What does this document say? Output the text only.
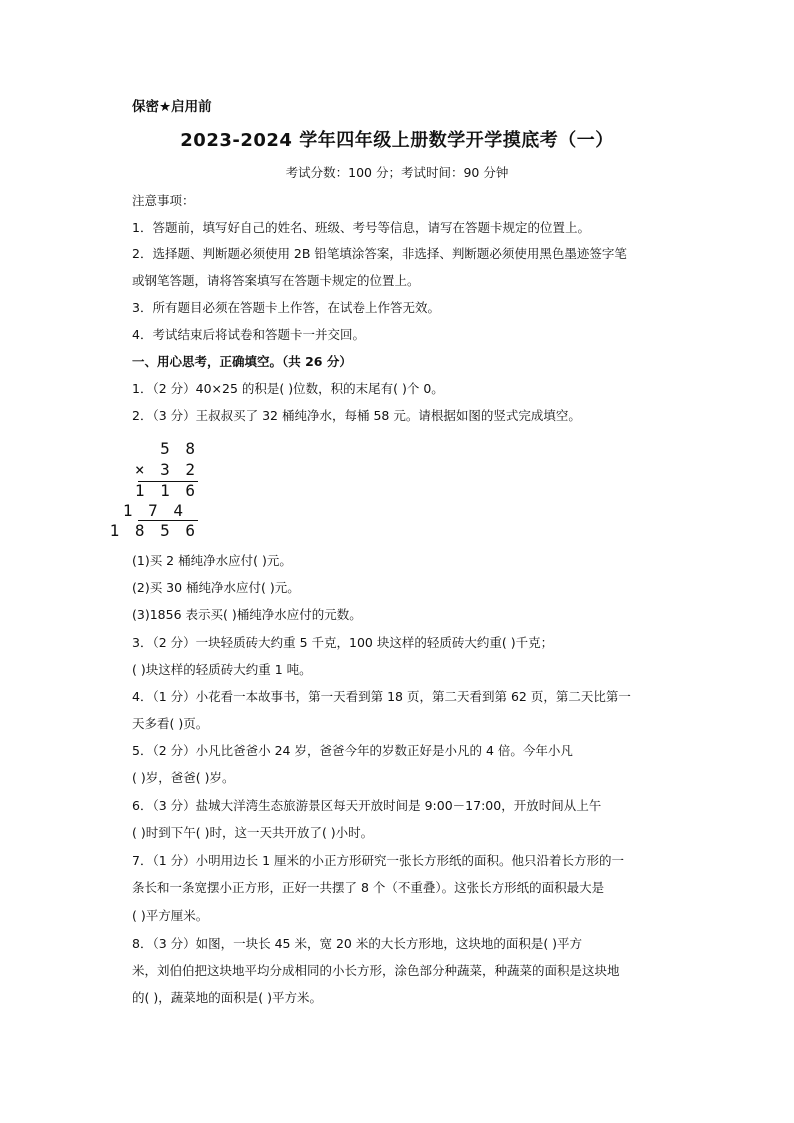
保密★启用前
2023-2024 学年四年级上册数学开学摸底考（一）
考试分数：100 分；考试时间：90 分钟
注意事项：
1．答题前，填写好自己的姓名、班级、考号等信息，请写在答题卡规定的位置上。
2．选择题、判断题必须使用 2B 铅笔填涂答案，非选择、判断题必须使用黑色墨迹签字笔
或钢笔答题，请将答案填写在答题卡规定的位置上。
3．所有题目必须在答题卡上作答，在试卷上作答无效。
4．考试结束后将试卷和答题卡一并交回。
一、用心思考，正确填空。（共 26 分）
1．（2 分）40×25 的积是( )位数，积的末尾有( )个 0。
2．（3 分）王叔叔买了 32 桶纯净水，每桶 58 元。请根据如图的竖式完成填空。
5 8
× 3 2
1 1 6
1 7 4
1 8 5 6
(1)买 2 桶纯净水应付( )元。
(2)买 30 桶纯净水应付( )元。
(3)1856 表示买( )桶纯净水应付的元数。
3．（2 分）一块轻质砖大约重 5 千克，100 块这样的轻质砖大约重( )千克；
( )块这样的轻质砖大约重 1 吨。
4．（1 分）小花看一本故事书，第一天看到第 18 页，第二天看到第 62 页，第二天比第一
天多看( )页。
5．（2 分）小凡比爸爸小 24 岁，爸爸今年的岁数正好是小凡的 4 倍。今年小凡
( )岁，爸爸( )岁。
6．（3 分）盐城大洋湾生态旅游景区每天开放时间是 9:00－17:00，开放时间从上午
( )时到下午( )时，这一天共开放了( )小时。
7．（1 分）小明用边长 1 厘米的小正方形研究一张长方形纸的面积。他只沿着长方形的一
条长和一条宽摆小正方形，正好一共摆了 8 个（不重叠）。这张长方形纸的面积最大是
( )平方厘米。
8．（3 分）如图，一块长 45 米，宽 20 米的大长方形地，这块地的面积是( )平方
米，刘伯伯把这块地平均分成相同的小长方形，涂色部分种蔬菜，种蔬菜的面积是这块地
的( )，蔬菜地的面积是( )平方米。
